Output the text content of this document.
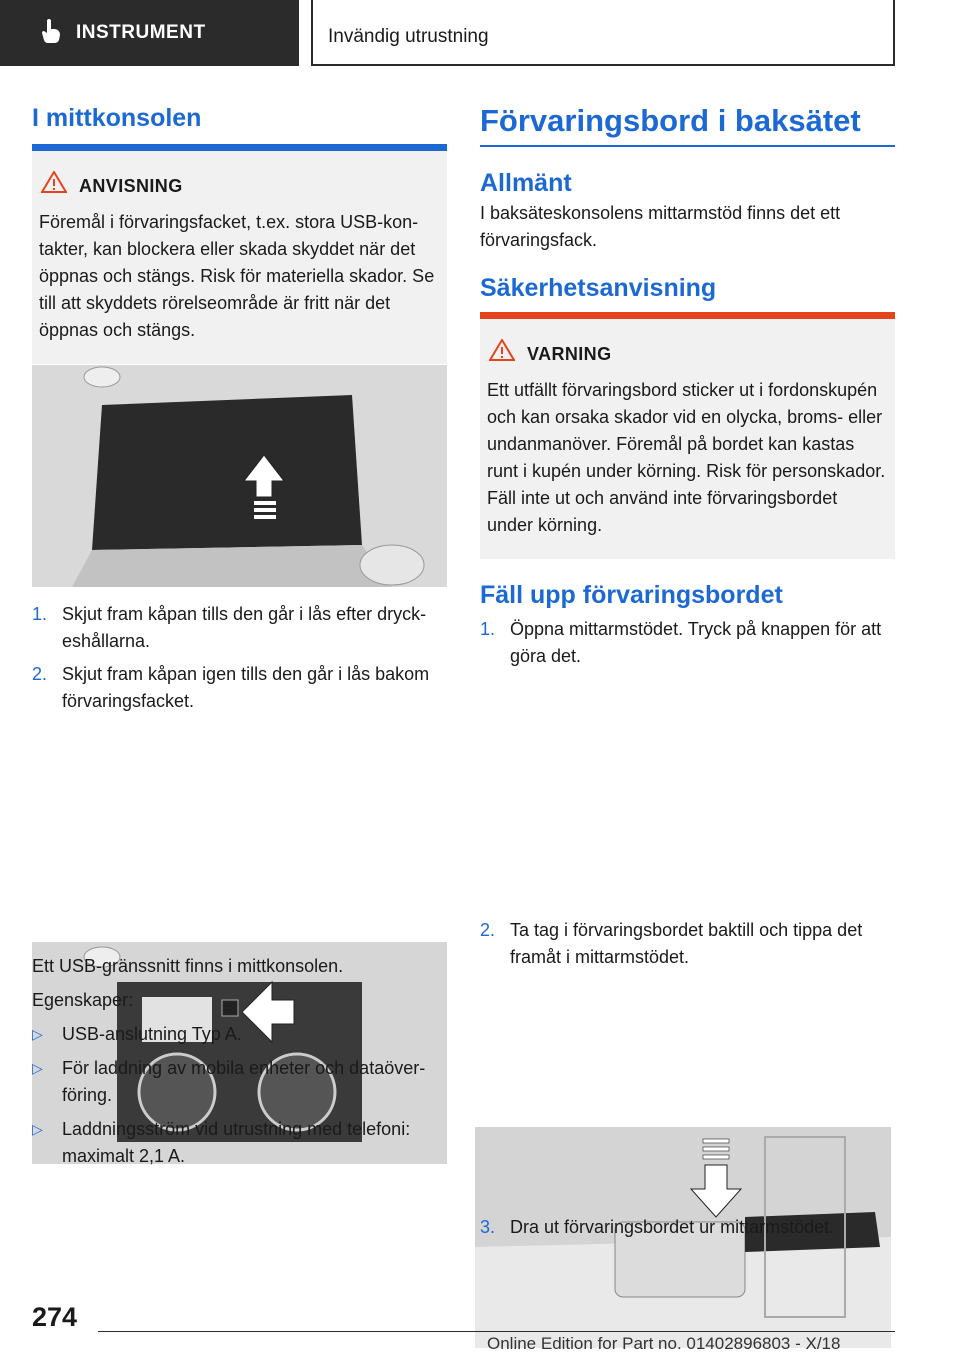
INSTRUMENT	Invändig utrustning
I mittkonsolen
ANVISNING
Föremål i förvaringsfacket, t.ex. stora USB-kontakter, kan blockera eller skada skyddet när det öppnas och stängs. Risk för materiella skador. Se till att skyddets rörelseområde är fritt när det öppnas och stängs.
1. Skjut fram kåpan tills den går i lås efter dryckeshållarna.
2. Skjut fram kåpan igen tills den går i lås bakom förvaringsfacket.
Ett USB-gränssnitt finns i mittkonsolen.
Egenskaper:
▷ USB-anslutning Typ A.
▷ För laddning av mobila enheter och dataöverföring.
▷ Laddningsström vid utrustning med telefoni: maximalt 2,1 A.
Förvaringsbord i baksätet
Allmänt
I baksäteskonsolens mittarmstöd finns det ett förvaringsfack.
Säkerhetsanvisning
VARNING
Ett utfällt förvaringsbord sticker ut i fordonskupén och kan orsaka skador vid en olycka, broms- eller undanmanöver. Föremål på bordet kan kastas runt i kupén under körning. Risk för personskador. Fäll inte ut och använd inte förvaringsbordet under körning.
Fäll upp förvaringsbordet
1. Öppna mittarmstödet. Tryck på knappen för att göra det.
2. Ta tag i förvaringsbordet baktill och tippa det framåt i mittarmstödet.
3. Dra ut förvaringsbordet ur mittarmstödet.
274
Online Edition for Part no. 01402896803 - X/18
